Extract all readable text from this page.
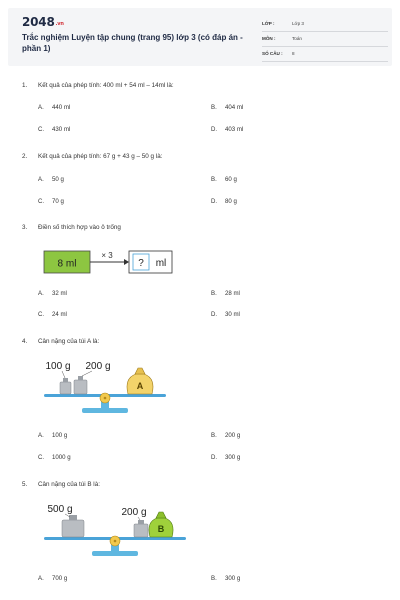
2048.vn
Trắc nghiệm Luyện tập chung (trang 95) lớp 3 (có đáp án - phần 1)
LỚP :	Lớp 3
MÔN :	Toán
SỐ CÂU : 8
1. Kết quả của phép tính: 400 ml + 54 ml – 14ml là:
A. 440 ml	B. 404 ml
C. 430 ml	D. 403 ml
2. Kết quả của phép tính: 67 g + 43 g – 50 g là:
A. 50 g	B. 60 g
C. 70 g	D. 80 g
3. Điền số thích hợp vào ô trống
8 ml
× 3
? ml
A. 32 ml	B. 28 ml
C. 24 ml	D. 30 ml
4. Cân nặng của túi A là:
100 g 200 g
A
A. 100 g	B. 200 g
C. 1000 g	D. 300 g
5. Cân nặng của túi B là:
500 g	200 g
B
A. 700 g	B. 300 g
